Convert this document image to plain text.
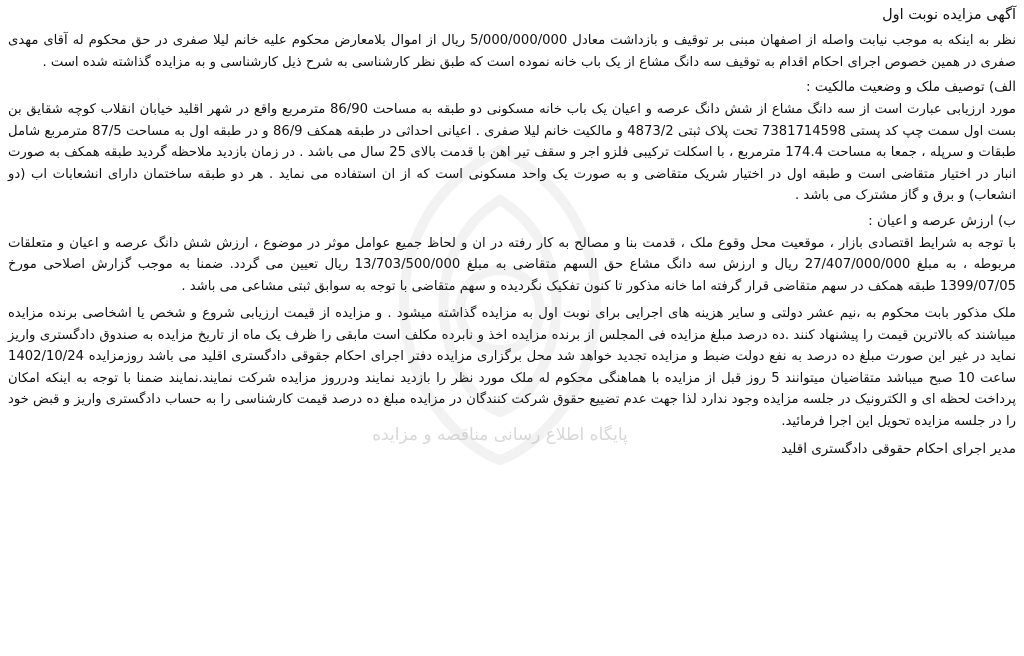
آگهی مزایده نوبت اول

نظر به اینکه به موجب نیابت واصله از اصفهان مبنی بر توقیف و بازداشت معادل 5/000/000/000 ریال از اموال بلامعارض محکوم علیه خانم لیلا صفری در حق محکوم له آقای مهدی صفری در همین خصوص اجرای احکام اقدام به توقیف سه دانگ مشاع از یک باب خانه نموده است که طبق نظر کارشناسی به شرح ذیل کارشناسی و به مزایده گذاشته شده است .

الف) توصیف ملک و وضعیت مالکیت :

مورد ارزیابی عبارت است از سه دانگ مشاع از شش دانگ عرصه و اعیان یک باب خانه مسکونی دو طبقه به مساحت 86/90 مترمربع واقع در شهر اقلید خیابان انقلاب کوچه شقایق بن بست اول سمت چپ کد پستی 7381714598 تحت پلاک ثبتی 4873/2 و مالکیت خانم لیلا صفری . اعیانی احداثی در طبقه همکف 86/9 و در طبقه اول به مساحت 87/5 مترمربع شامل طبقات و سرپله ، جمعا به مساحت 174.4 مترمربع ، با اسکلت ترکیبی فلزو اجر و سقف تیر اهن با قدمت بالای 25 سال می باشد . در زمان بازدید ملاحظه گردید طبقه همکف به صورت انبار در اختیار متقاضی است و طبقه اول در اختیار شریک متقاضی و به صورت یک واحد مسکونی است که از ان استفاده می نماید . هر دو طبقه ساختمان دارای انشعابات اب (دو انشعاب) و برق و گاز مشترک می باشد .

ب) ارزش عرصه و اعیان :

با توجه به شرایط اقتصادی بازار ، موقعیت محل وقوع ملک ، قدمت بنا و مصالح به کار رفته در ان و لحاظ جمیع عوامل موثر در موضوع ، ارزش شش دانگ عرصه و اعیان و متعلقات مربوطه ، به مبلغ 27/407/000/000 ریال و ارزش سه دانگ مشاع حق السهم متقاضی به مبلغ 13/703/500/000 ریال تعیین می گردد. ضمنا به موجب گزارش اصلاحی مورخ 1399/07/05 طبقه همکف در سهم متقاضی قرار گرفته اما خانه مذکور تا کنون تفکیک نگردیده و سهم متقاضی با توجه به سوابق ثبتی مشاعی می باشد .

ملک مذکور بابت محکوم به ،نیم عشر دولتی و سایر هزینه های اجرایی برای نوبت اول به مزایده گذاشته میشود . و مزایده از قیمت ارزیابی شروع و شخص یا اشخاصی برنده مزایده میباشند که بالاترین قیمت را پیشنهاد کنند .ده درصد مبلغ مزایده فی المجلس از برنده مزایده اخذ و نابرده مکلف است مابقی را ظرف یک ماه از تاریخ مزایده به صندوق دادگستری واریز نماید در غیر این صورت مبلغ ده درصد به نفع دولت ضبط و مزایده تجدید خواهد شد محل برگزاری مزایده دفتر اجرای احکام جقوقی دادگستری اقلید می باشد روزمزایده 1402/10/24 ساعت 10 صبح میباشد متقاضیان میتوانند 5 روز قبل از مزایده با هماهنگی محکوم له ملک مورد نظر را بازدید نمایند ودرروز مزایده شرکت نمایند.نمایند ضمنا با توجه به اینکه امکان پرداخت لحظه ای و الکترونیک در جلسه مزایده وجود ندارد لذا جهت عدم تضییع حقوق شرکت کنندگان در مزایده مبلغ ده درصد قیمت کارشناسی را به حساب دادگستری واریز و قبض خود را در جلسه مزایده تحویل این اجرا فرمائید.

مدیر اجرای احکام حقوقی دادگستری اقلید

پایگاه اطلاع رسانی مناقصه و مزایده
